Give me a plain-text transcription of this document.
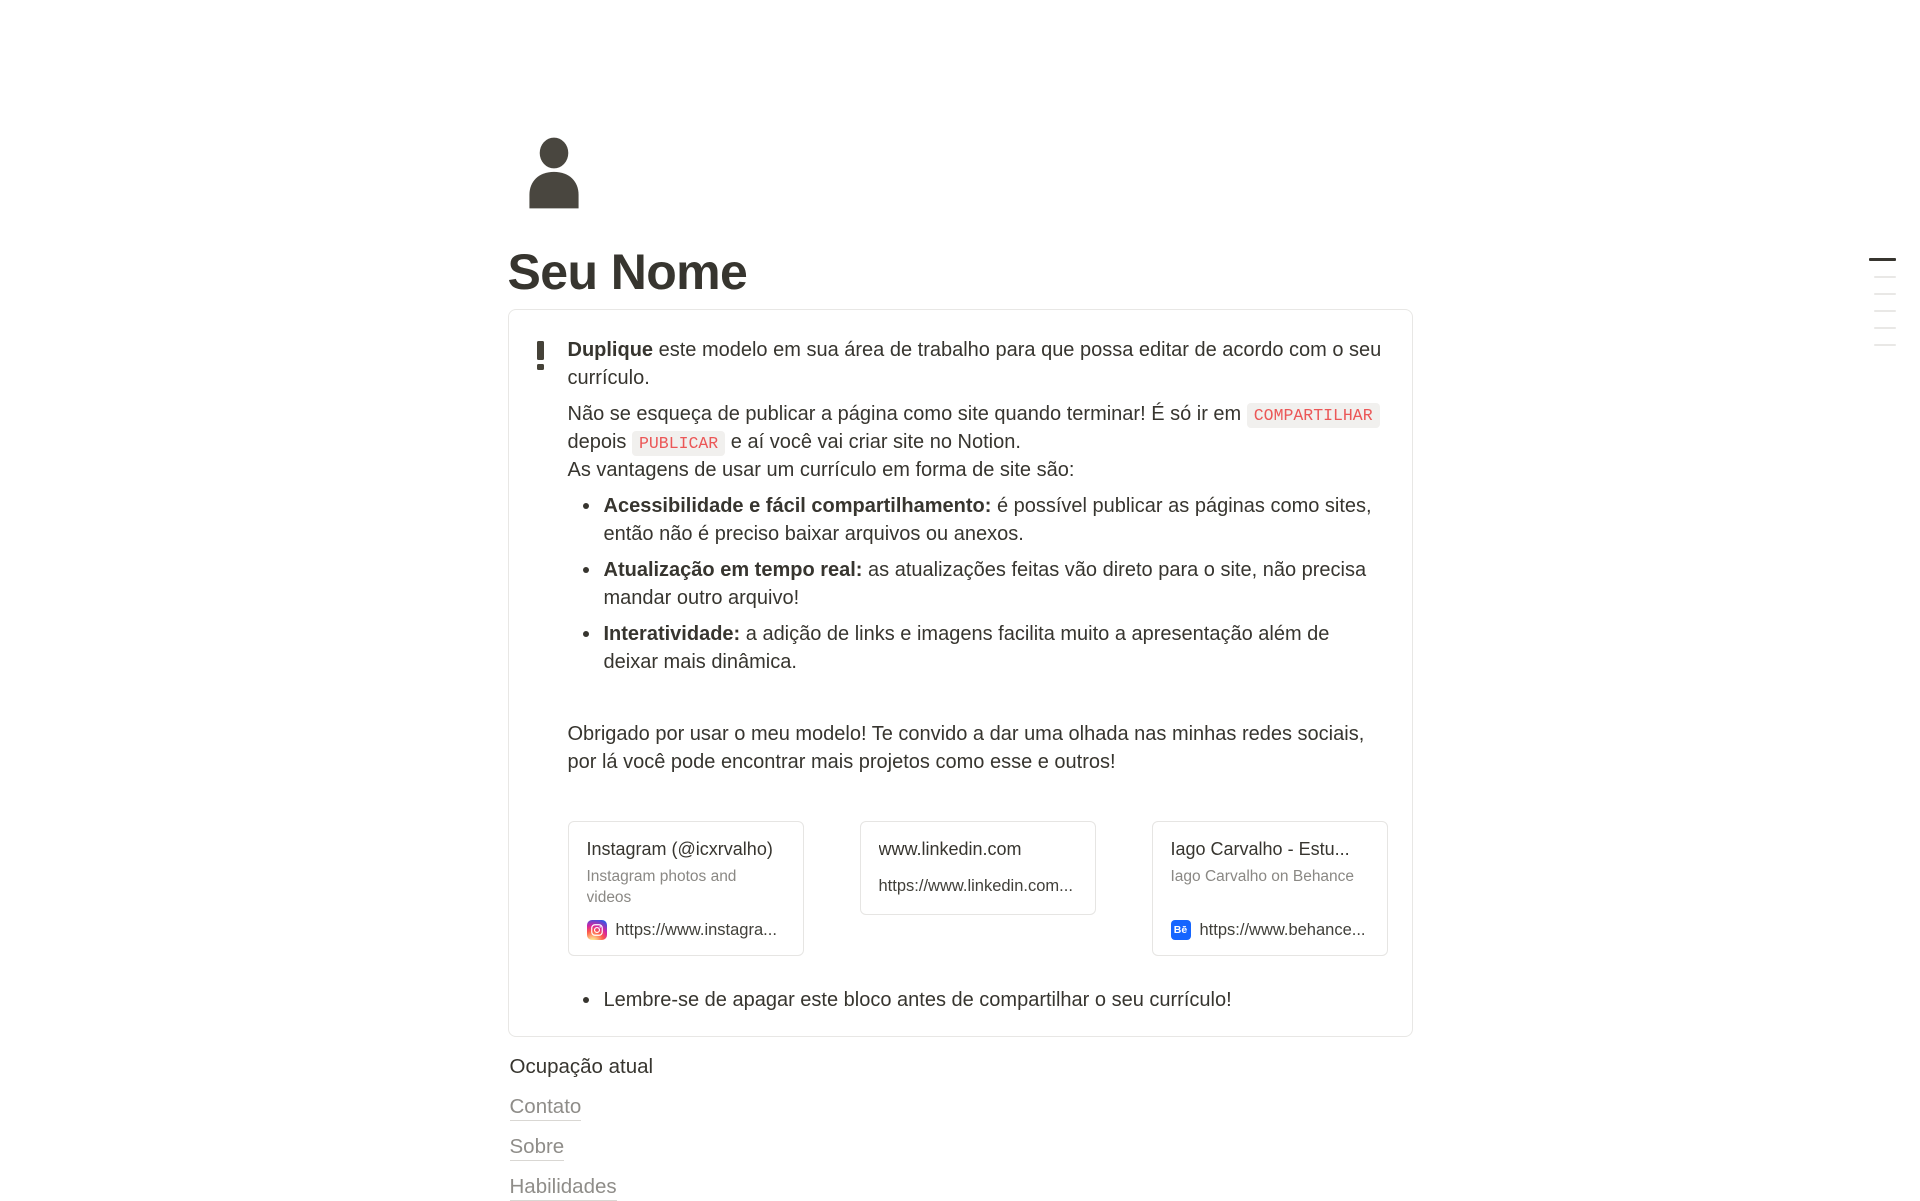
Seu Nome

Duplique este modelo em sua área de trabalho para que possa editar de acordo com o seu currículo.

Não se esqueça de publicar a página como site quando terminar! É só ir em COMPARTILHAR depois PUBLICAR e aí você vai criar site no Notion.
As vantagens de usar um currículo em forma de site são:

Acessibilidade e fácil compartilhamento: é possível publicar as páginas como sites, então não é preciso baixar arquivos ou anexos.
Atualização em tempo real: as atualizações feitas vão direto para o site, não precisa mandar outro arquivo!
Interatividade: a adição de links e imagens facilita muito a apresentação além de deixar mais dinâmica.

Obrigado por usar o meu modelo! Te convido a dar uma olhada nas minhas redes sociais, por lá você pode encontrar mais projetos como esse e outros!

Instagram (@icxrvalho)
Instagram photos and videos
https://www.instagra...
www.linkedin.com
https://www.linkedin.com...
Iago Carvalho - Estu...
Iago Carvalho on Behance
Bē https://www.behance...
Lembre-se de apagar este bloco antes de compartilhar o seu currículo!
Ocupação atual
Contato
Sobre
Habilidades
